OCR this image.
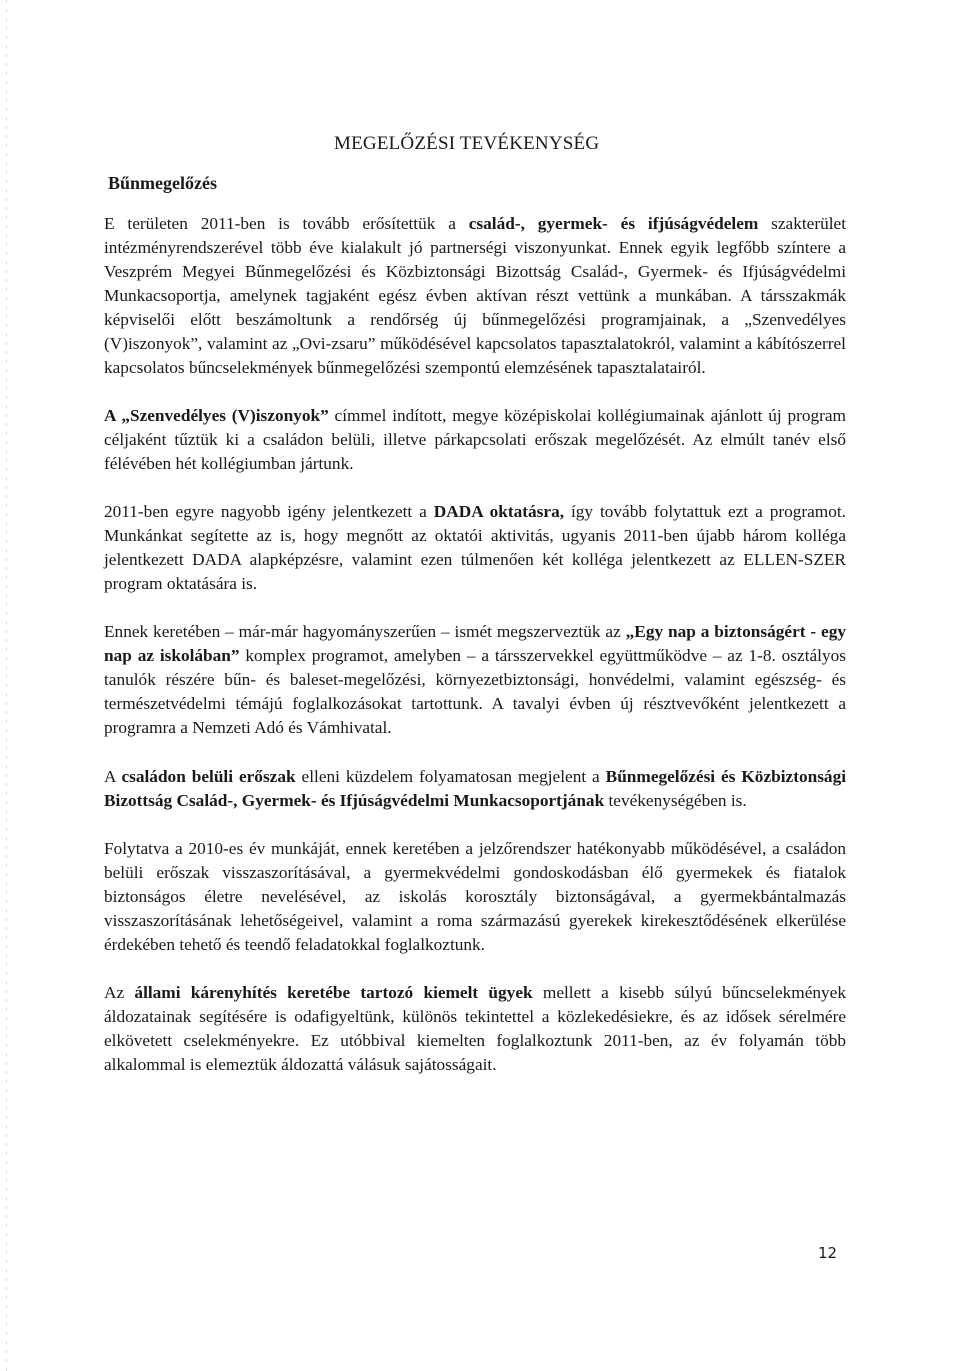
MEGELŐZÉSI TEVÉKENYSÉG
Bűnmegelőzés

E területen 2011-ben is tovább erősítettük a család-, gyermek- és ifjúságvédelem szakterület intézményrendszerével több éve kialakult jó partnerségi viszonyunkat. Ennek egyik legfőbb színtere a Veszprém Megyei Bűnmegelőzési és Közbiztonsági Bizottság Család-, Gyermek- és Ifjúságvédelmi Munkacsoportja, amelynek tagjaként egész évben aktívan részt vettünk a munkában. A társszakmák képviselői előtt beszámoltunk a rendőrség új bűnmegelőzési programjainak, a „Szenvedélyes (V)iszonyok”, valamint az „Ovi-zsaru” működésével kapcsolatos tapasztalatokról, valamint a kábítószerrel kapcsolatos bűncselekmények bűnmegelőzési szempontú elemzésének tapasztalatairól.

A „Szenvedélyes (V)iszonyok” címmel indított, megye középiskolai kollégiumainak ajánlott új program céljaként tűztük ki a családon belüli, illetve párkapcsolati erőszak megelőzését. Az elmúlt tanév első félévében hét kollégiumban jártunk.

2011-ben egyre nagyobb igény jelentkezett a DADA oktatásra, így tovább folytattuk ezt a programot. Munkánkat segítette az is, hogy megnőtt az oktatói aktivitás, ugyanis 2011-ben újabb három kolléga jelentkezett DADA alapképzésre, valamint ezen túlmenően két kolléga jelentkezett az ELLEN-SZER program oktatására is.

Ennek keretében – már-már hagyományszerűen – ismét megszerveztük az „Egy nap a biztonságért - egy nap az iskolában” komplex programot, amelyben – a társszervekkel együttműködve – az 1-8. osztályos tanulók részére bűn- és baleset-megelőzési, környezetbiztonsági, honvédelmi, valamint egészség- és természetvédelmi témájú foglalkozásokat tartottunk. A tavalyi évben új résztvevőként jelentkezett a programra a Nemzeti Adó és Vámhivatal.

A családon belüli erőszak elleni küzdelem folyamatosan megjelent a Bűnmegelőzési és Közbiztonsági Bizottság Család-, Gyermek- és Ifjúságvédelmi Munkacsoportjának tevékenységében is.

Folytatva a 2010-es év munkáját, ennek keretében a jelzőrendszer hatékonyabb működésével, a családon belüli erőszak visszaszorításával, a gyermekvédelmi gondoskodásban élő gyermekek és fiatalok biztonságos életre nevelésével, az iskolás korosztály biztonságával, a gyermekbántalmazás visszaszorításának lehetőségeivel, valamint a roma származású gyerekek kirekesztődésének elkerülése érdekében tehető és teendő feladatokkal foglalkoztunk.

Az állami kárenyhítés keretébe tartozó kiemelt ügyek mellett a kisebb súlyú bűncselekmények áldozatainak segítésére is odafigyeltünk, különös tekintettel a közlekedésiekre, és az idősek sérelmére elkövetett cselekményekre. Ez utóbbival kiemelten foglalkoztunk 2011-ben, az év folyamán több alkalommal is elemeztük áldozattá válásuk sajátosságait.

12
